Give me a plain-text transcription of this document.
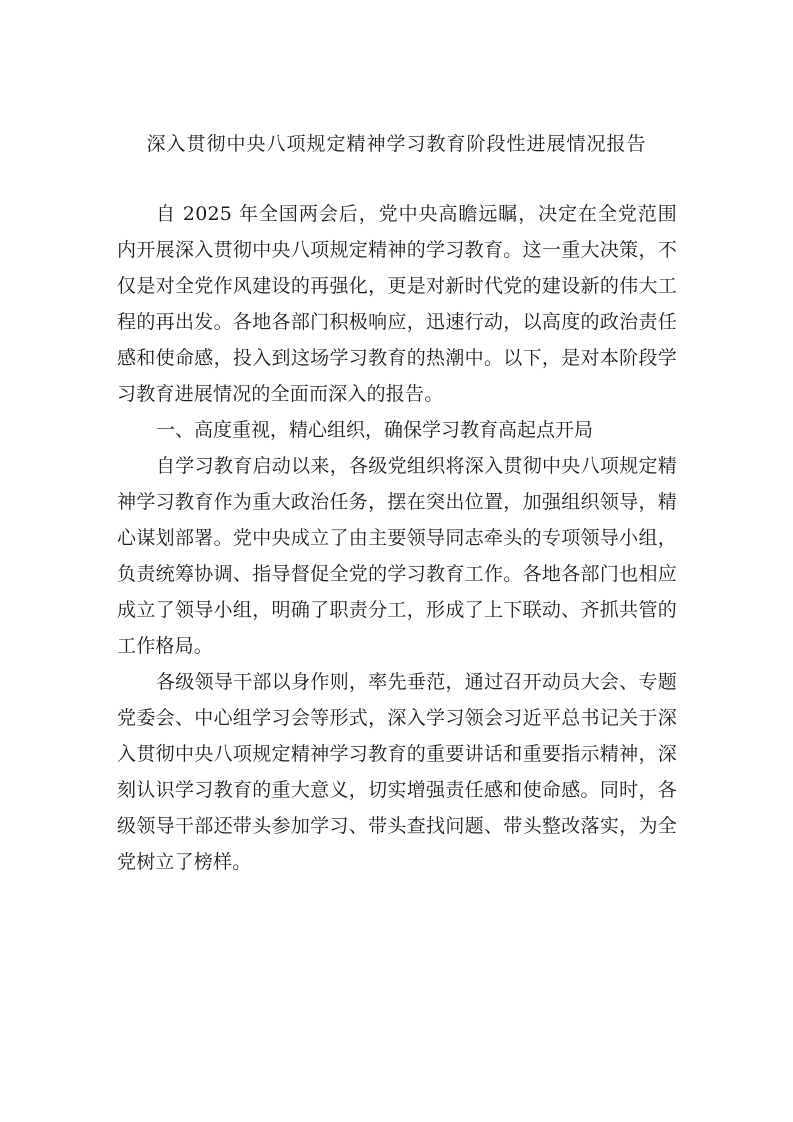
深入贯彻中央八项规定精神学习教育阶段性进展情况报告

自 2025 年全国两会后，党中央高瞻远瞩，决定在全党范围内开展深入贯彻中央八项规定精神的学习教育。这一重大决策，不仅是对全党作风建设的再强化，更是对新时代党的建设新的伟大工程的再出发。各地各部门积极响应，迅速行动，以高度的政治责任感和使命感，投入到这场学习教育的热潮中。以下，是对本阶段学习教育进展情况的全面而深入的报告。

一、高度重视，精心组织，确保学习教育高起点开局

自学习教育启动以来，各级党组织将深入贯彻中央八项规定精神学习教育作为重大政治任务，摆在突出位置，加强组织领导，精心谋划部署。党中央成立了由主要领导同志牵头的专项领导小组，负责统筹协调、指导督促全党的学习教育工作。各地各部门也相应成立了领导小组，明确了职责分工，形成了上下联动、齐抓共管的工作格局。

各级领导干部以身作则，率先垂范，通过召开动员大会、专题党委会、中心组学习会等形式，深入学习领会习近平总书记关于深入贯彻中央八项规定精神学习教育的重要讲话和重要指示精神，深刻认识学习教育的重大意义，切实增强责任感和使命感。同时，各级领导干部还带头参加学习、带头查找问题、带头整改落实，为全党树立了榜样。
